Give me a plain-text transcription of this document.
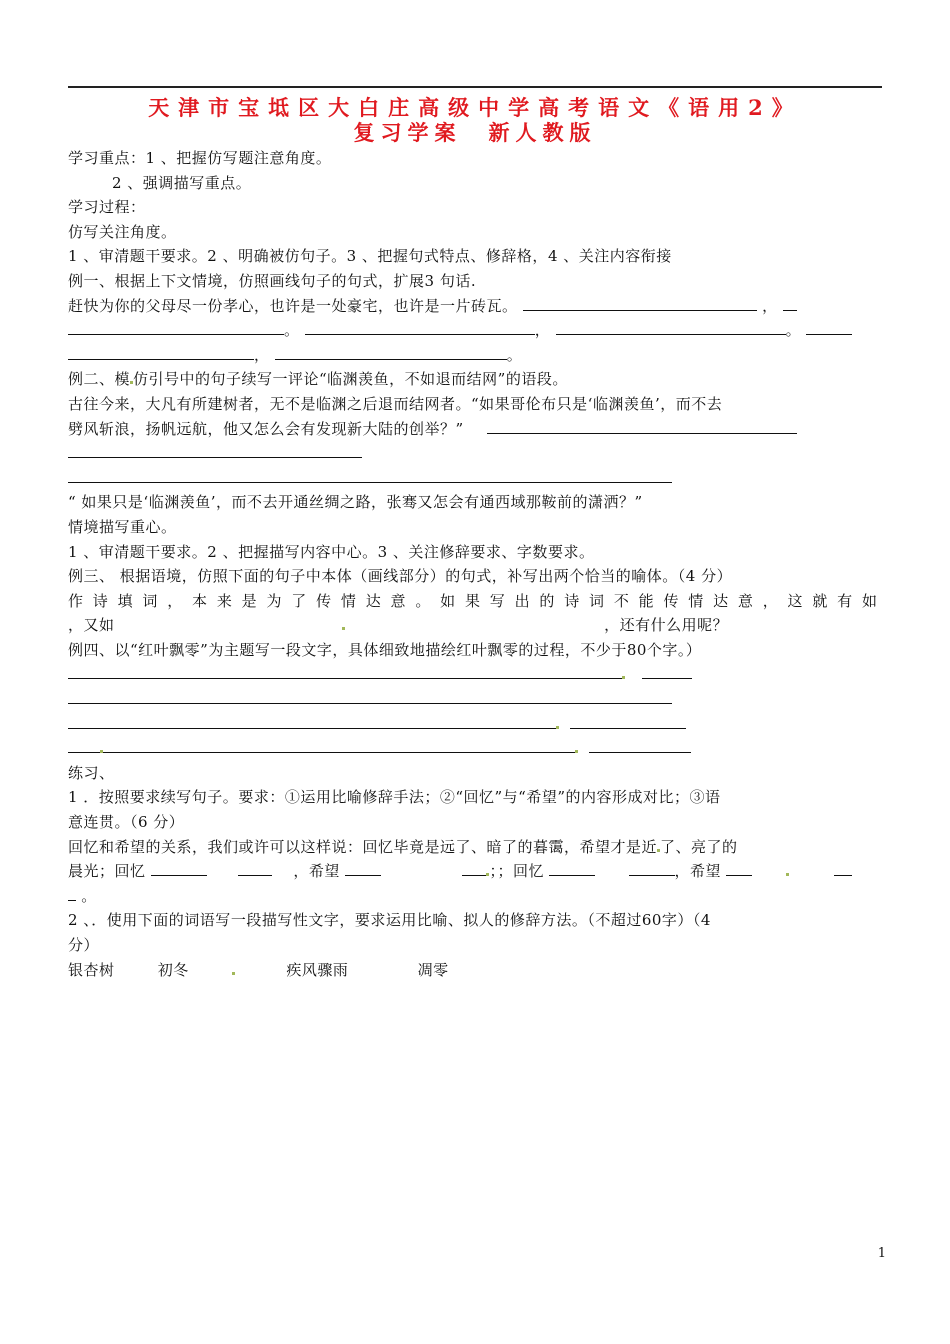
天津市宝坻区大白庄高级中学高考语文《语用2》
复习学案　新人教版
学习重点：1 、把握仿写题注意角度。
2 、强调描写重点。
学习过程：
仿写关注角度。
1 、审清题干要求。2 、明确被仿句子。3 、把握句式特点、修辞格，4 、关注内容衔接
例一、根据上下文情境，仿照画线句子的句式，扩展3 句话.
赶快为你的父母尽一份孝心，也许是一处豪宅，也许是一片砖瓦。	，
。	，	。
，	。
例二、模 仿引号中的句子续写一评论“临渊羡鱼，不如退而结网”的语段。
古往今来，大凡有所建树者，无不是临渊之后退而结网者。“如果哥伦布只是‘临渊羡鱼’，而不去
劈风斩浪，扬帆远航，他又怎么会有发现新大陆的创举？”
“ 如果只是‘临渊羡鱼’，而不去开通丝绸之路，张骞又怎会有通西域那鞍前的潇洒？”
情境描写重心。
1 、审清题干要求。2 、把握描写内容中心。3 、关注修辞要求、字数要求。
例三、 根据语境，仿照下面的句子中本体（画线部分）的句式，补写出两个恰当的喻体。（4 分）
作诗填词，本来是为了传情达意。如果写出的诗词不能传情达意，这就有如
，又如	，还有什么用呢？
例四、以“红叶飘零”为主题写一段文字，具体细致地描绘红叶飘零的过程，不少于80个字。）

练习、
1 ．按照要求续写句子。要求：①运用比喻修辞手法；②“回忆”与“希望”的内容形成对比；③语
意连贯。（6 分）
回忆和希望的关系，我们或许可以这样说：回忆毕竟是远了、暗了的暮霭，希望才是近 了、亮了的
晨光；回忆	，希望	；；回忆	，希望
。
2 、．使用下面的词语写一段描写性文字，要求运用比喻、拟人的修辞方法。（不超过60字）（4
分）
银杏树	初冬	疾风骤雨	凋零
1
